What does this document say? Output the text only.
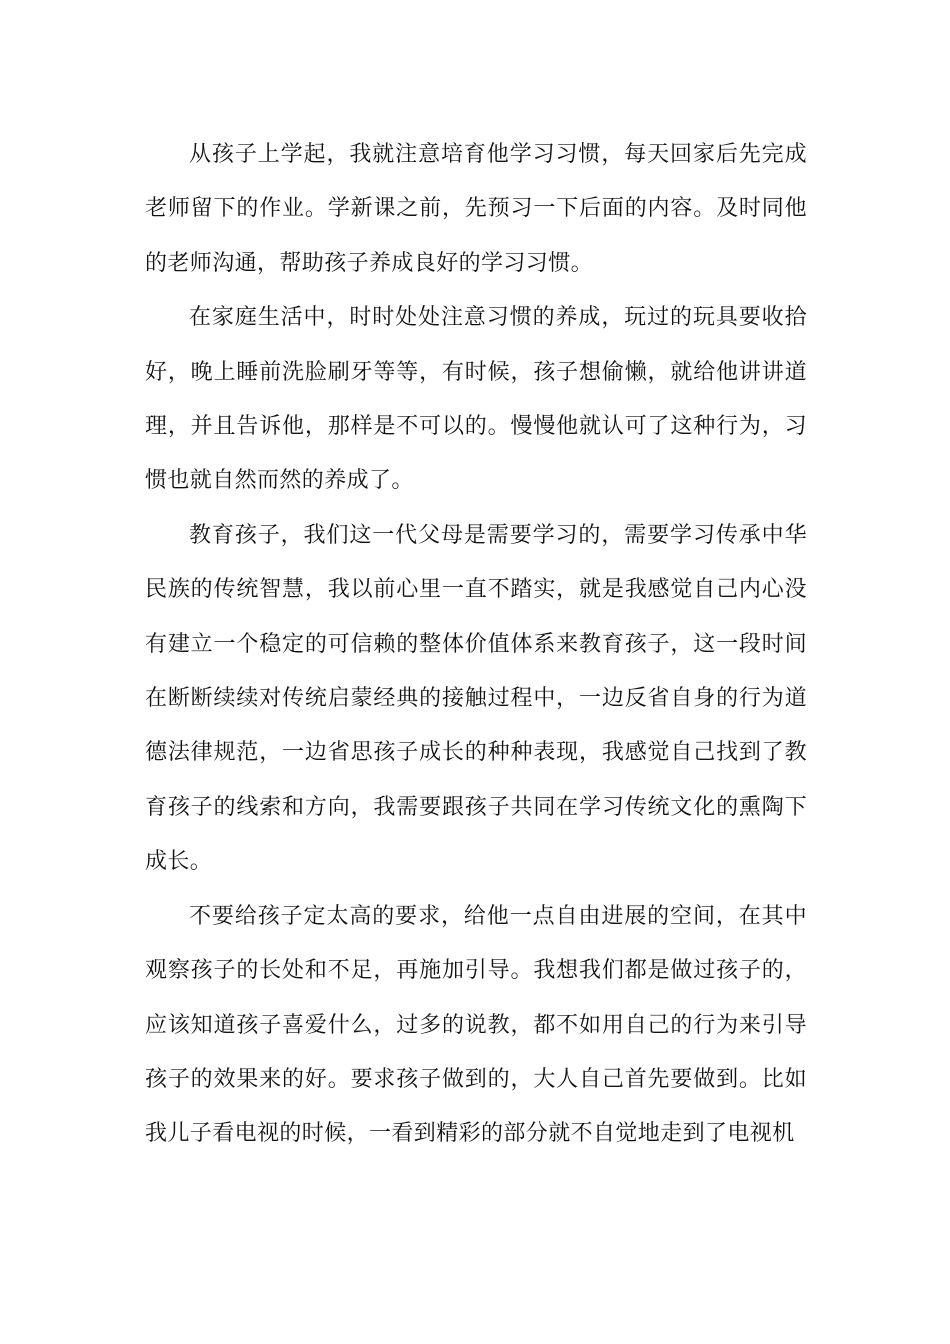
从孩子上学起，我就注意培育他学习习惯，每天回家后先完成老师留下的作业。学新课之前，先预习一下后面的内容。及时同他的老师沟通，帮助孩子养成良好的学习习惯。

在家庭生活中，时时处处注意习惯的养成，玩过的玩具要收拾好，晚上睡前洗脸刷牙等等，有时候，孩子想偷懒，就给他讲讲道理，并且告诉他，那样是不可以的。慢慢他就认可了这种行为，习惯也就自然而然的养成了。

教育孩子，我们这一代父母是需要学习的，需要学习传承中华民族的传统智慧，我以前心里一直不踏实，就是我感觉自己内心没有建立一个稳定的可信赖的整体价值体系来教育孩子，这一段时间在断断续续对传统启蒙经典的接触过程中，一边反省自身的行为道德法律规范，一边省思孩子成长的种种表现，我感觉自己找到了教育孩子的线索和方向，我需要跟孩子共同在学习传统文化的熏陶下成长。

不要给孩子定太高的要求，给他一点自由进展的空间，在其中观察孩子的长处和不足，再施加引导。我想我们都是做过孩子的，应该知道孩子喜爱什么，过多的说教，都不如用自己的行为来引导孩子的效果来的好。要求孩子做到的，大人自己首先要做到。比如我儿子看电视的时候，一看到精彩的部分就不自觉地走到了电视机
